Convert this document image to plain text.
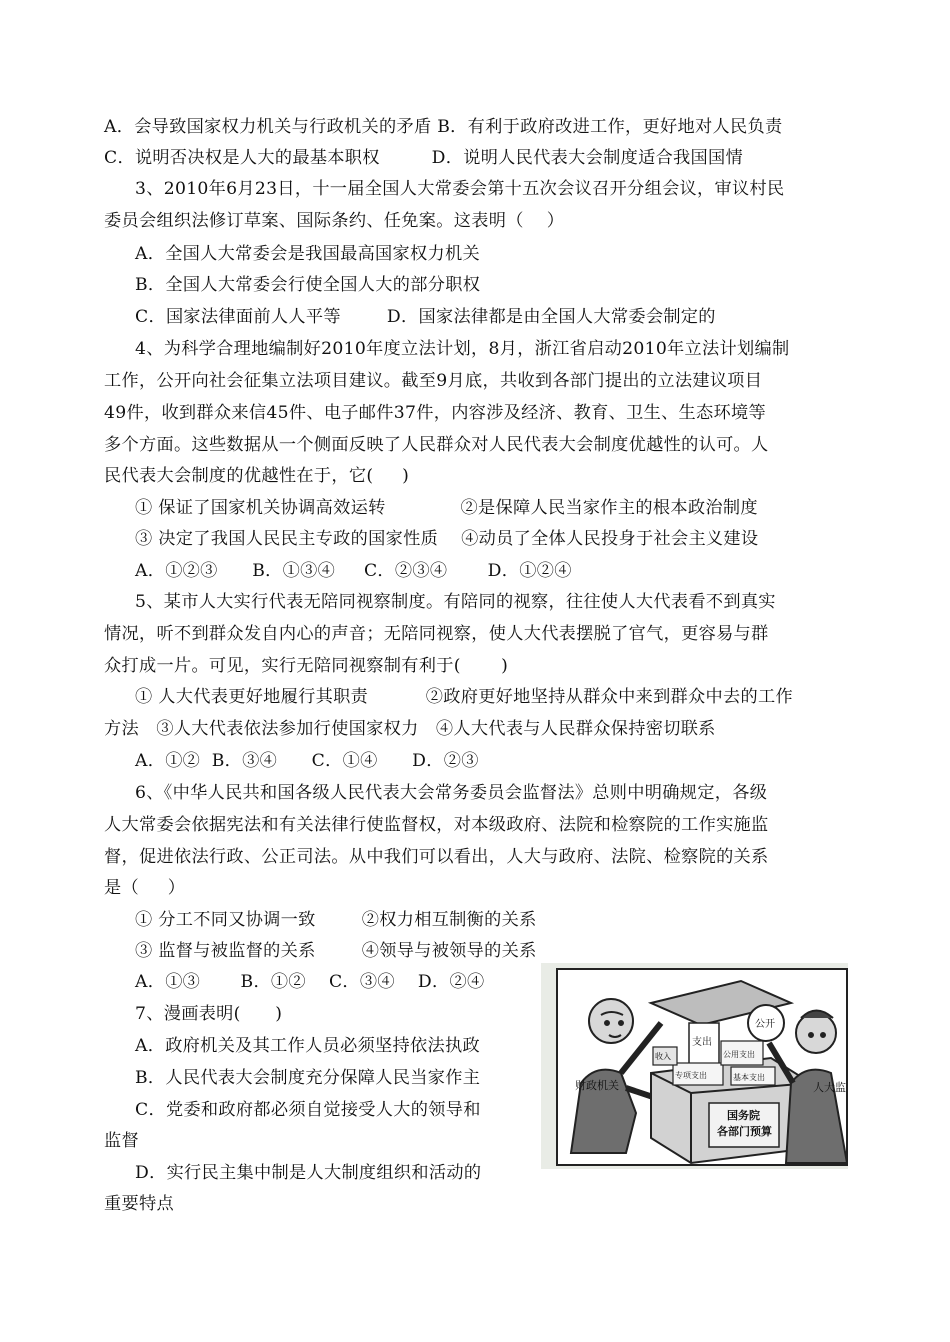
A．会导致国家权力机关与行政机关的矛盾 B．有利于政府改进工作，更好地对人民负责
C．说明否决权是人大的最基本职权         D．说明人民代表大会制度适合我国国情
3、2010年6月23日，十一届全国人大常委会第十五次会议召开分组会议，审议村民
委员会组织法修订草案、国际条约、任免案。这表明（    ）
A．全国人大常委会是我国最高国家权力机关
B．全国人大常委会行使全国人大的部分职权
C．国家法律面前人人平等        D．国家法律都是由全国人大常委会制定的
4、为科学合理地编制好2010年度立法计划，8月，浙江省启动2010年立法计划编制
工作，公开向社会征集立法项目建议。截至9月底，共收到各部门提出的立法建议项目
49件，收到群众来信45件、电子邮件37件，内容涉及经济、教育、卫生、生态环境等
多个方面。这些数据从一个侧面反映了人民群众对人民代表大会制度优越性的认可。人
民代表大会制度的优越性在于，它(     )
① 保证了国家机关协调高效运转             ②是保障人民当家作主的根本政治制度
③ 决定了我国人民民主专政的国家性质    ④动员了全体人民投身于社会主义建设
A．①②③      B．①③④     C．②③④       D．①②④
5、某市人大实行代表无陪同视察制度。有陪同的视察，往往使人大代表看不到真实
情况，听不到群众发自内心的声音；无陪同视察，使人大代表摆脱了官气，更容易与群
众打成一片。可见，实行无陪同视察制有利于(       )
① 人大代表更好地履行其职责          ②政府更好地坚持从群众中来到群众中去的工作
方法   ③人大代表依法参加行使国家权力   ④人大代表与人民群众保持密切联系
A．①②  B．③④      C．①④      D．②③
6、《中华人民共和国各级人民代表大会常务委员会监督法》总则中明确规定，各级
人大常委会依据宪法和有关法律行使监督权，对本级政府、法院和检察院的工作实施监
督，促进依法行政、公正司法。从中我们可以看出，人大与政府、法院、检察院的关系
是（     ）
① 分工不同又协调一致        ②权力相互制衡的关系
③ 监督与被监督的关系        ④领导与被领导的关系
A．①③       B．①②    C．③④    D．②④
7、漫画表明(      )
A．政府机关及其工作人员必须坚持依法执政
B．人民代表大会制度充分保障人民当家作主
C．党委和政府都必须自觉接受人大的领导和
监督
D．实行民主集中制是人大制度组织和活动的
重要特点
财政机关	人大监
国务院
各部门预算
支出
公开
公用支出
专项支出	基本支出
收入
